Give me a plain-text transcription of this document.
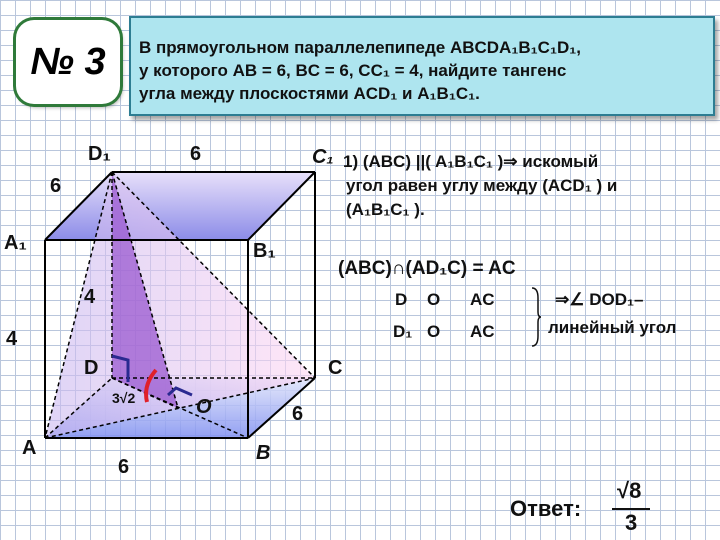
№ 3	В прямоугольном параллелепипеде ABCDA₁B₁C₁D₁,
у которого AB = 6, BC = 6, CC₁ = 4, найдите тангенс
угла между плоскостями ACD₁ и A₁B₁C₁.
D₁	6	C₁
6
A₁	B₁
4
4
D	C
3√2	O	6
A	B
6
1) (ABC) ||( A₁B₁C₁ )⇒ искомый
угол равен углу между (ACD₁ ) и
(A₁B₁C₁ ).
(ABC)∩(AD₁C) = AC
D O AC
D₁ O AC
⇒∠ DOD₁–
линейный угол
Ответ:
√8
3
